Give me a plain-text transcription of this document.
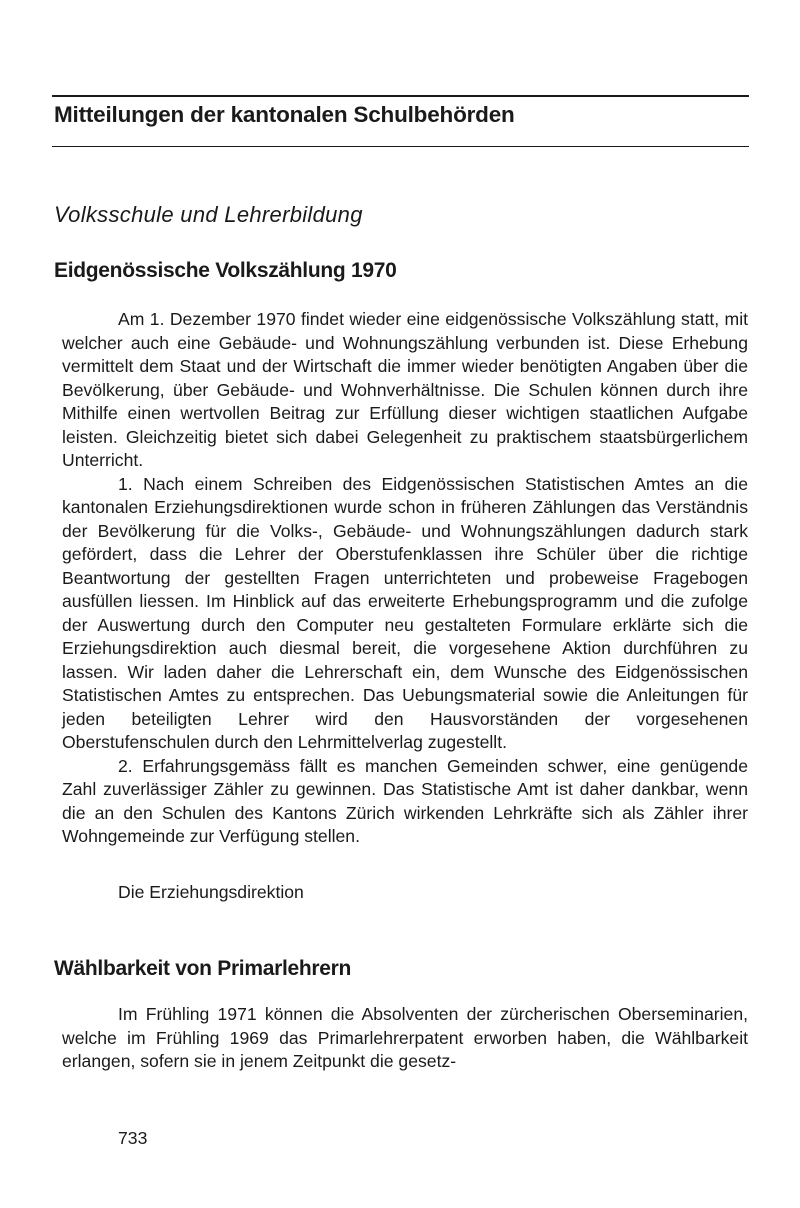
Mitteilungen der kantonalen Schulbehörden
Volksschule und Lehrerbildung
Eidgenössische Volkszählung 1970

Am 1. Dezember 1970 findet wieder eine eidgenössische Volkszählung statt, mit welcher auch eine Gebäude- und Wohnungszählung verbunden ist. Diese Erhebung vermittelt dem Staat und der Wirtschaft die immer wieder benötigten Angaben über die Bevölkerung, über Gebäude- und Wohnverhältnisse. Die Schulen können durch ihre Mithilfe einen wertvollen Beitrag zur Erfüllung dieser wichtigen staatlichen Aufgabe leisten. Gleichzeitig bietet sich dabei Gelegenheit zu praktischem staatsbürgerlichem Unterricht.

1. Nach einem Schreiben des Eidgenössischen Statistischen Amtes an die kantonalen Erziehungsdirektionen wurde schon in früheren Zählungen das Verständnis der Bevölkerung für die Volks-, Gebäude- und Wohnungszählungen dadurch stark gefördert, dass die Lehrer der Oberstufenklassen ihre Schüler über die richtige Beantwortung der gestellten Fragen unterrichteten und probeweise Fragebogen ausfüllen liessen. Im Hinblick auf das erweiterte Erhebungsprogramm und die zufolge der Auswertung durch den Computer neu gestalteten Formulare erklärte sich die Erziehungsdirektion auch diesmal bereit, die vorgesehene Aktion durchführen zu lassen. Wir laden daher die Lehrerschaft ein, dem Wunsche des Eidgenössischen Statistischen Amtes zu entsprechen. Das Uebungsmaterial sowie die Anleitungen für jeden beteiligten Lehrer wird den Hausvorständen der vorgesehenen Oberstufenschulen durch den Lehrmittelverlag zugestellt.

2. Erfahrungsgemäss fällt es manchen Gemeinden schwer, eine genügende Zahl zuverlässiger Zähler zu gewinnen. Das Statistische Amt ist daher dankbar, wenn die an den Schulen des Kantons Zürich wirkenden Lehrkräfte sich als Zähler ihrer Wohngemeinde zur Verfügung stellen.

Die Erziehungsdirektion

Wählbarkeit von Primarlehrern

Im Frühling 1971 können die Absolventen der zürcherischen Oberseminarien, welche im Frühling 1969 das Primarlehrerpatent erworben haben, die Wählbarkeit erlangen, sofern sie in jenem Zeitpunkt die gesetz-

733
